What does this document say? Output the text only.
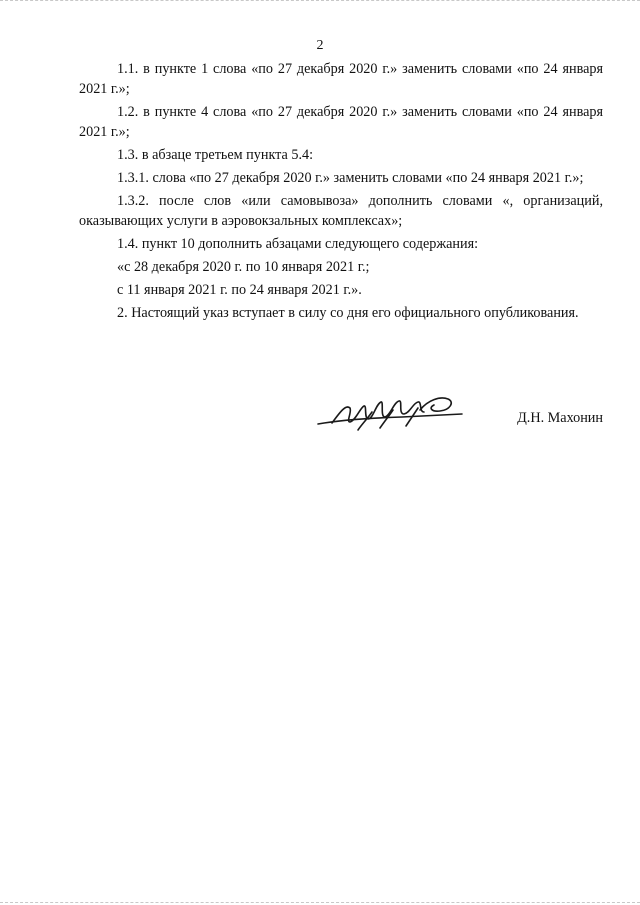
2

1.1. в пункте 1 слова «по 27 декабря 2020 г.» заменить словами «по 24 января 2021 г.»;

1.2. в пункте 4 слова «по 27 декабря 2020 г.» заменить словами «по 24 января 2021 г.»;

1.3. в абзаце третьем пункта 5.4:

1.3.1. слова «по 27 декабря 2020 г.» заменить словами «по 24 января 2021 г.»;

1.3.2. после слов «или самовывоза» дополнить словами «, организаций, оказывающих услуги в аэровокзальных комплексах»;

1.4. пункт 10 дополнить абзацами следующего содержания:

«с 28 декабря 2020 г. по 10 января 2021 г.;

с 11 января 2021 г. по 24 января 2021 г.».

2. Настоящий указ вступает в силу со дня его официального опубликования.

Д.Н. Махонин
